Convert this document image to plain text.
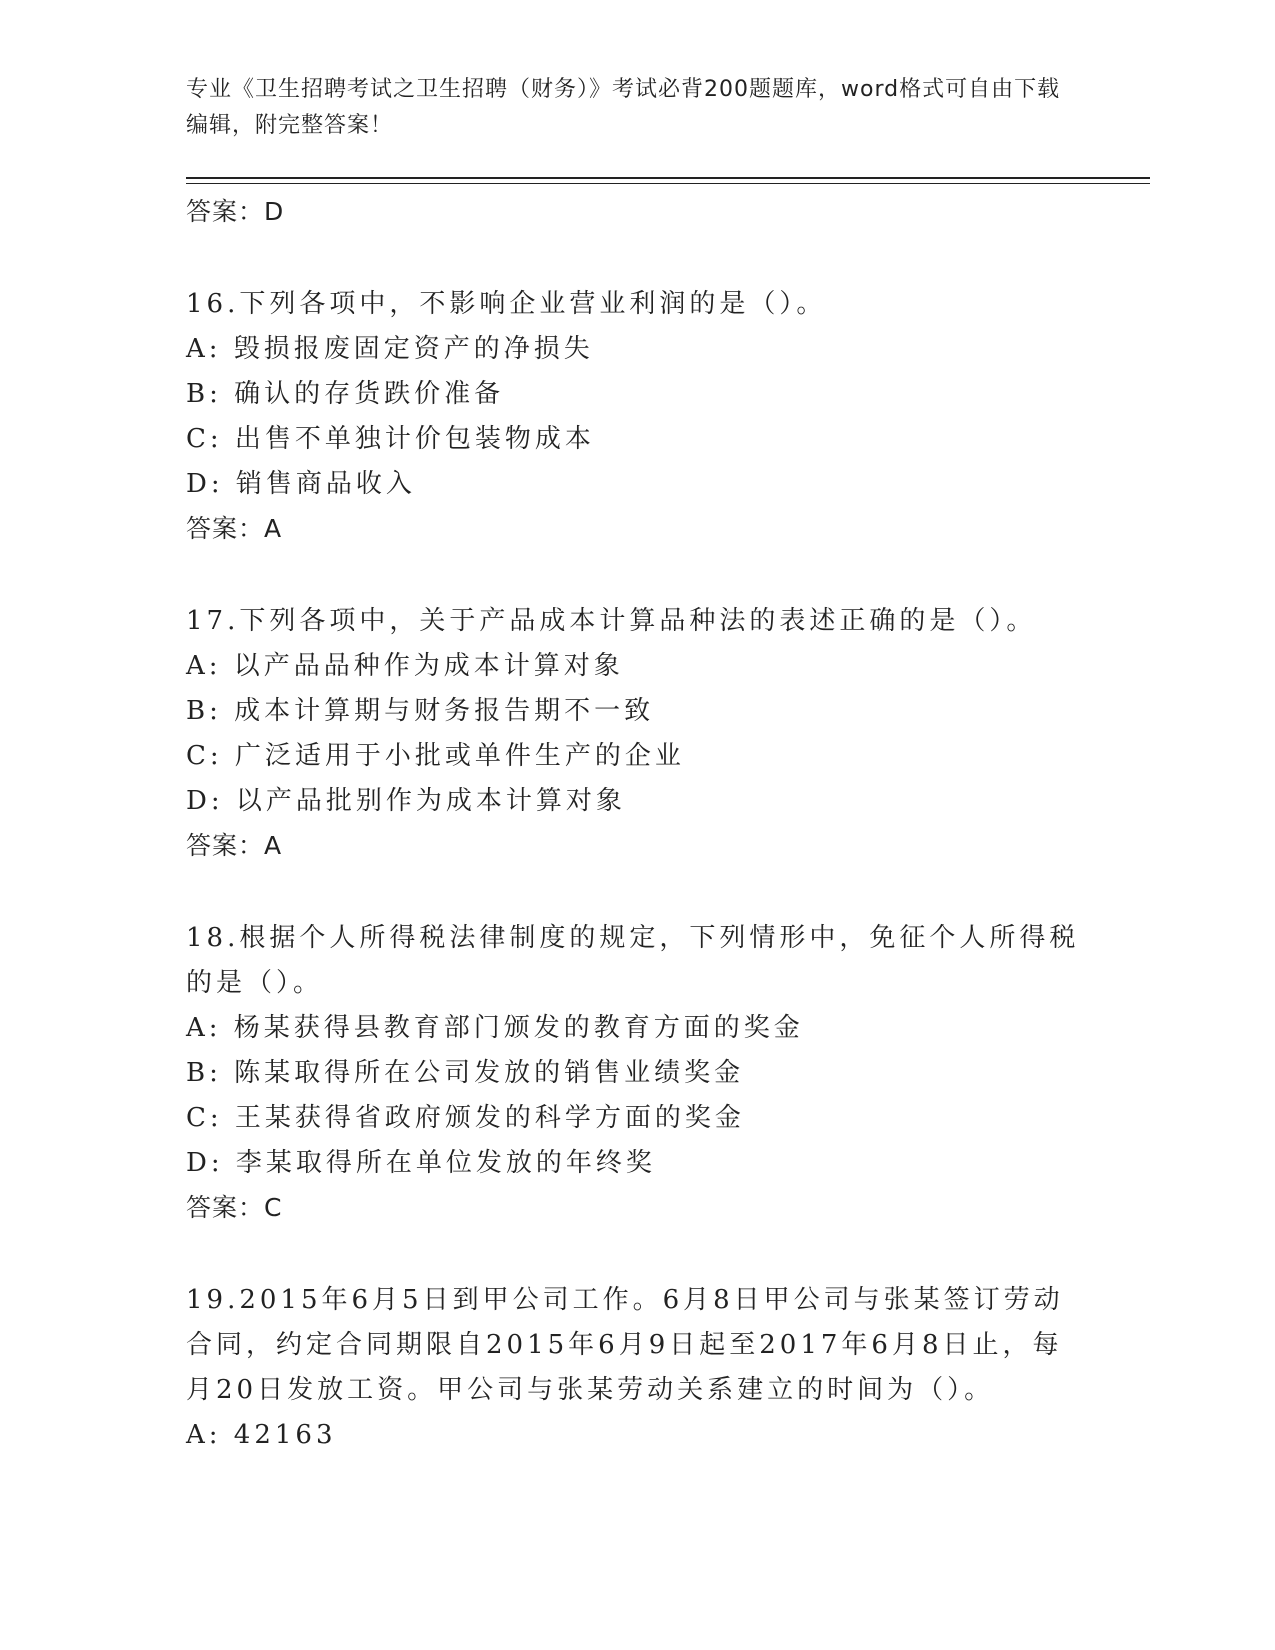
专业《卫生招聘考试之卫生招聘（财务）》考试必背200题题库，word格式可自由下载编辑，附完整答案！
答案：D
16.下列各项中，不影响企业营业利润的是（）。
A: 毁损报废固定资产的净损失
B: 确认的存货跌价准备
C: 出售不单独计价包装物成本
D: 销售商品收入
答案：A
17.下列各项中，关于产品成本计算品种法的表述正确的是（）。
A: 以产品品种作为成本计算对象
B: 成本计算期与财务报告期不一致
C: 广泛适用于小批或单件生产的企业
D: 以产品批别作为成本计算对象
答案：A
18.根据个人所得税法律制度的规定，下列情形中，免征个人所得税的是（）。
A: 杨某获得县教育部门颁发的教育方面的奖金
B: 陈某取得所在公司发放的销售业绩奖金
C: 王某获得省政府颁发的科学方面的奖金
D: 李某取得所在单位发放的年终奖
答案：C
19.2015年6月5日到甲公司工作。6月8日甲公司与张某签订劳动合同，约定合同期限自2015年6月9日起至2017年6月8日止，每月20日发放工资。甲公司与张某劳动关系建立的时间为（）。
A: 42163
